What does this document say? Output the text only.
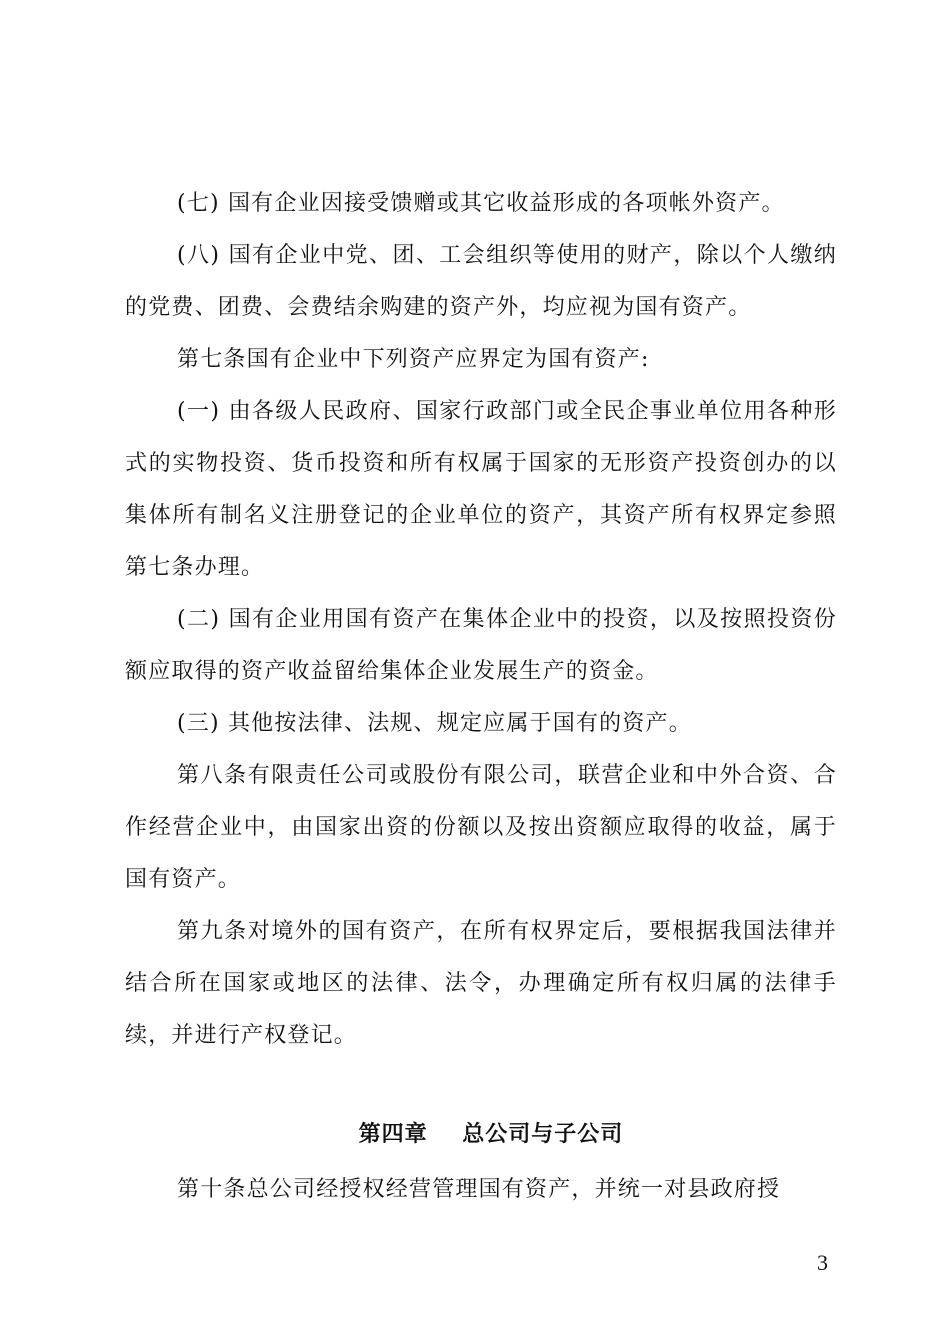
(七) 国有企业因接受馈赠或其它收益形成的各项帐外资产。

(八) 国有企业中党、团、工会组织等使用的财产，除以个人缴纳的党费、团费、会费结余购建的资产外，均应视为国有资产。

第七条国有企业中下列资产应界定为国有资产:

(一) 由各级人民政府、国家行政部门或全民企事业单位用各种形式的实物投资、货币投资和所有权属于国家的无形资产投资创办的以集体所有制名义注册登记的企业单位的资产，其资产所有权界定参照第七条办理。

(二) 国有企业用国有资产在集体企业中的投资，以及按照投资份额应取得的资产收益留给集体企业发展生产的资金。

(三) 其他按法律、法规、规定应属于国有的资产。

第八条有限责任公司或股份有限公司，联营企业和中外合资、合作经营企业中，由国家出资的份额以及按出资额应取得的收益，属于国有资产。

第九条对境外的国有资产，在所有权界定后，要根据我国法律并结合所在国家或地区的法律、法令，办理确定所有权归属的法律手续，并进行产权登记。

第四章    总公司与子公司

第十条总公司经授权经营管理国有资产，并统一对县政府授

3
